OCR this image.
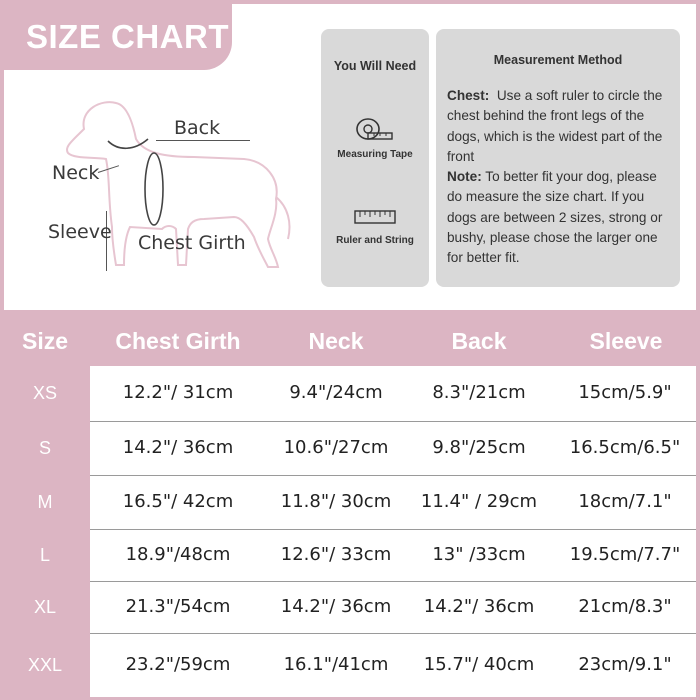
SIZE CHART
Back
Neck
Sleeve Chest Girth
You Will Need
Measuring Tape
Ruler and String
Measurement Method
Chest: Use a soft ruler to circle the chest behind the front legs of the dogs, which is the widest part of the front
Note: To better fit your dog, please do measure the size chart. If you dogs are between 2 sizes, strong or bushy, please chose the larger one for better fit.
Size	Chest Girth	Neck	Back	Sleeve
XS	12.2"/ 31cm	9.4"/24cm	8.3"/21cm	15cm/5.9"
S	14.2"/ 36cm	10.6"/27cm	9.8"/25cm	16.5cm/6.5"
M	16.5"/ 42cm	11.8"/ 30cm	11.4" / 29cm	18cm/7.1"
L	18.9"/48cm	12.6"/ 33cm	13" /33cm	19.5cm/7.7"
XL	21.3"/54cm	14.2"/ 36cm	14.2"/ 36cm	21cm/8.3"
XXL	23.2"/59cm	16.1"/41cm	15.7"/ 40cm	23cm/9.1"
